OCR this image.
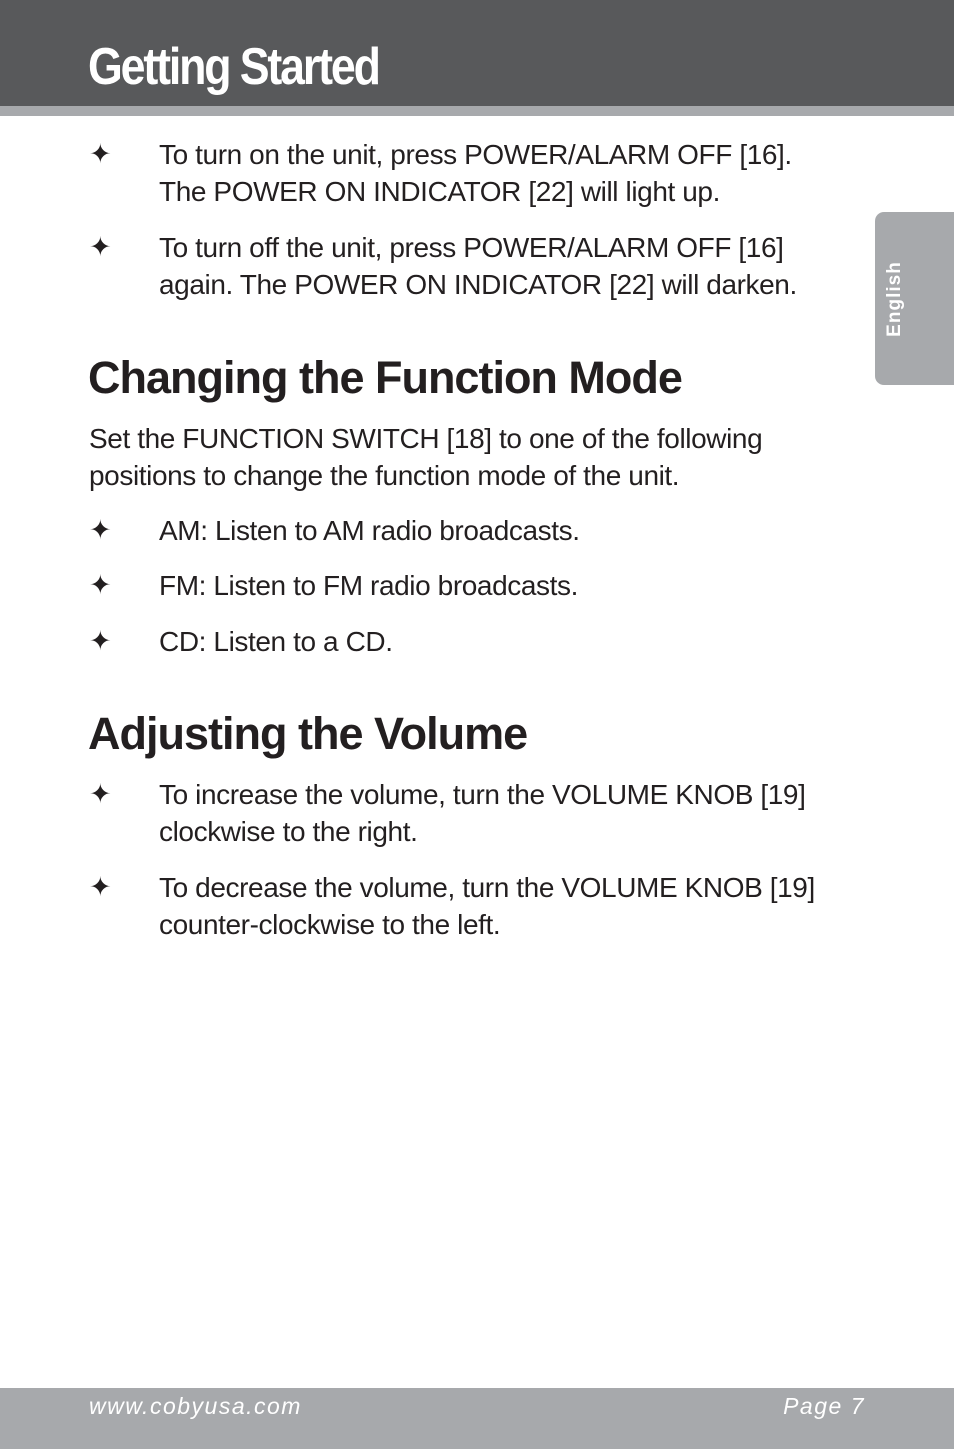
Getting Started
English
✦ To turn on the unit, press POWER/ALARM OFF [16].
The POWER ON INDICATOR [22] will light up.
✦ To turn off the unit, press POWER/ALARM OFF [16]
again. The POWER ON INDICATOR [22] will darken.
Changing the Function Mode
Set the FUNCTION SWITCH [18] to one of the following
positions to change the function mode of the unit.
✦ AM: Listen to AM radio broadcasts.
✦ FM: Listen to FM radio broadcasts.
✦ CD: Listen to a CD.
Adjusting the Volume
✦ To increase the volume, turn the VOLUME KNOB [19]
clockwise to the right.
✦ To decrease the volume, turn the VOLUME KNOB [19]
counter-clockwise to the left.
www.cobyusa.com	Page 7
